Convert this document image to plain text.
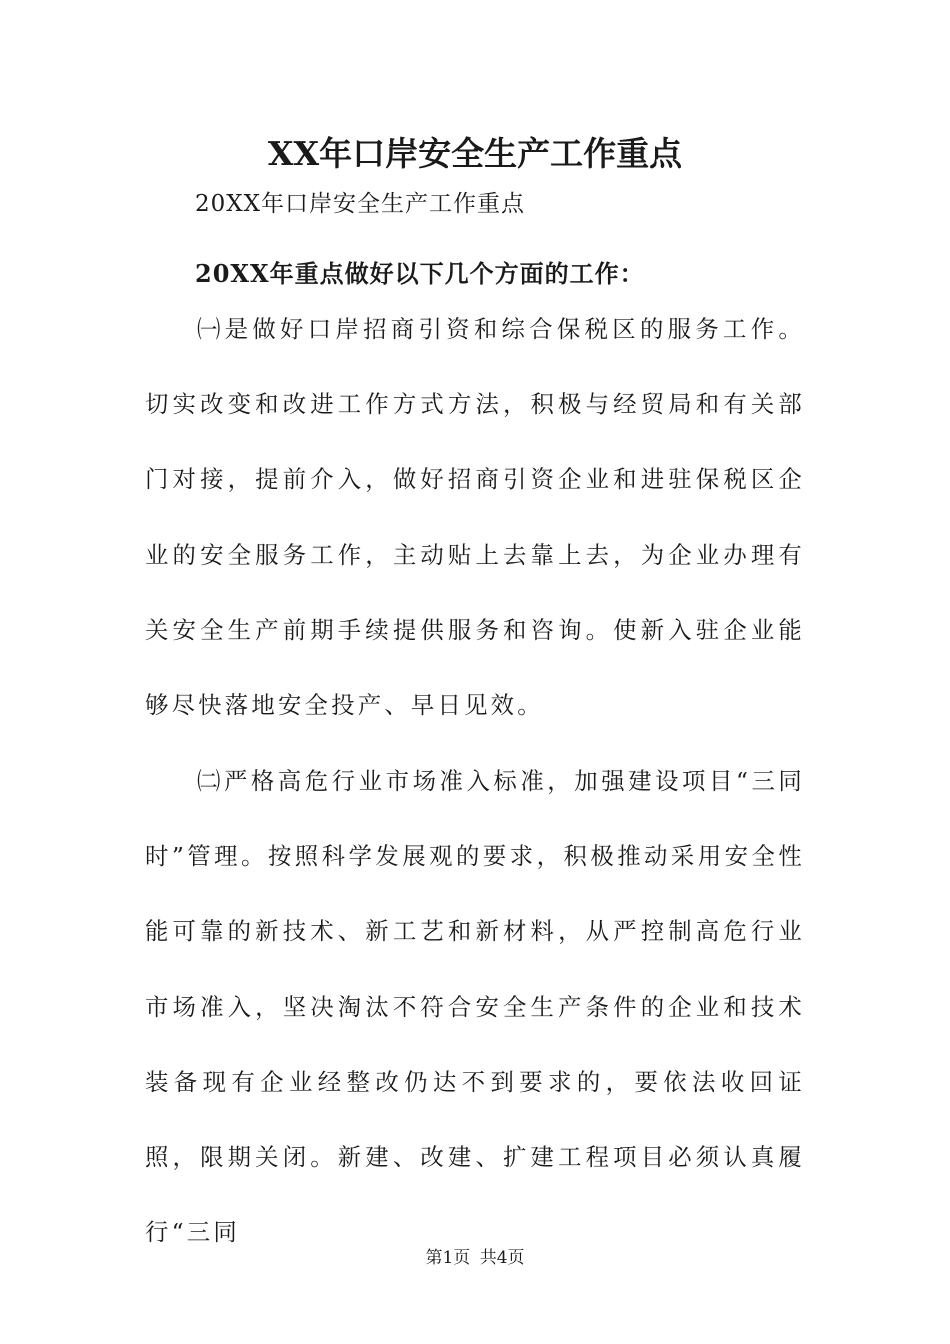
XX年口岸安全生产工作重点

20XX年口岸安全生产工作重点

20XX年重点做好以下几个方面的工作：

㈠是做好口岸招商引资和综合保税区的服务工作。切实改变和改进工作方式方法，积极与经贸局和有关部门对接，提前介入，做好招商引资企业和进驻保税区企业的安全服务工作，主动贴上去靠上去，为企业办理有关安全生产前期手续提供服务和咨询。使新入驻企业能够尽快落地安全投产、早日见效。

㈡严格高危行业市场准入标准，加强建设项目“三同时”管理。按照科学发展观的要求，积极推动采用安全性能可靠的新技术、新工艺和新材料，从严控制高危行业市场准入，坚决淘汰不符合安全生产条件的企业和技术装备现有企业经整改仍达不到要求的，要依法收回证照，限期关闭。新建、改建、扩建工程项目必须认真履行“三同

第1页 共4页
